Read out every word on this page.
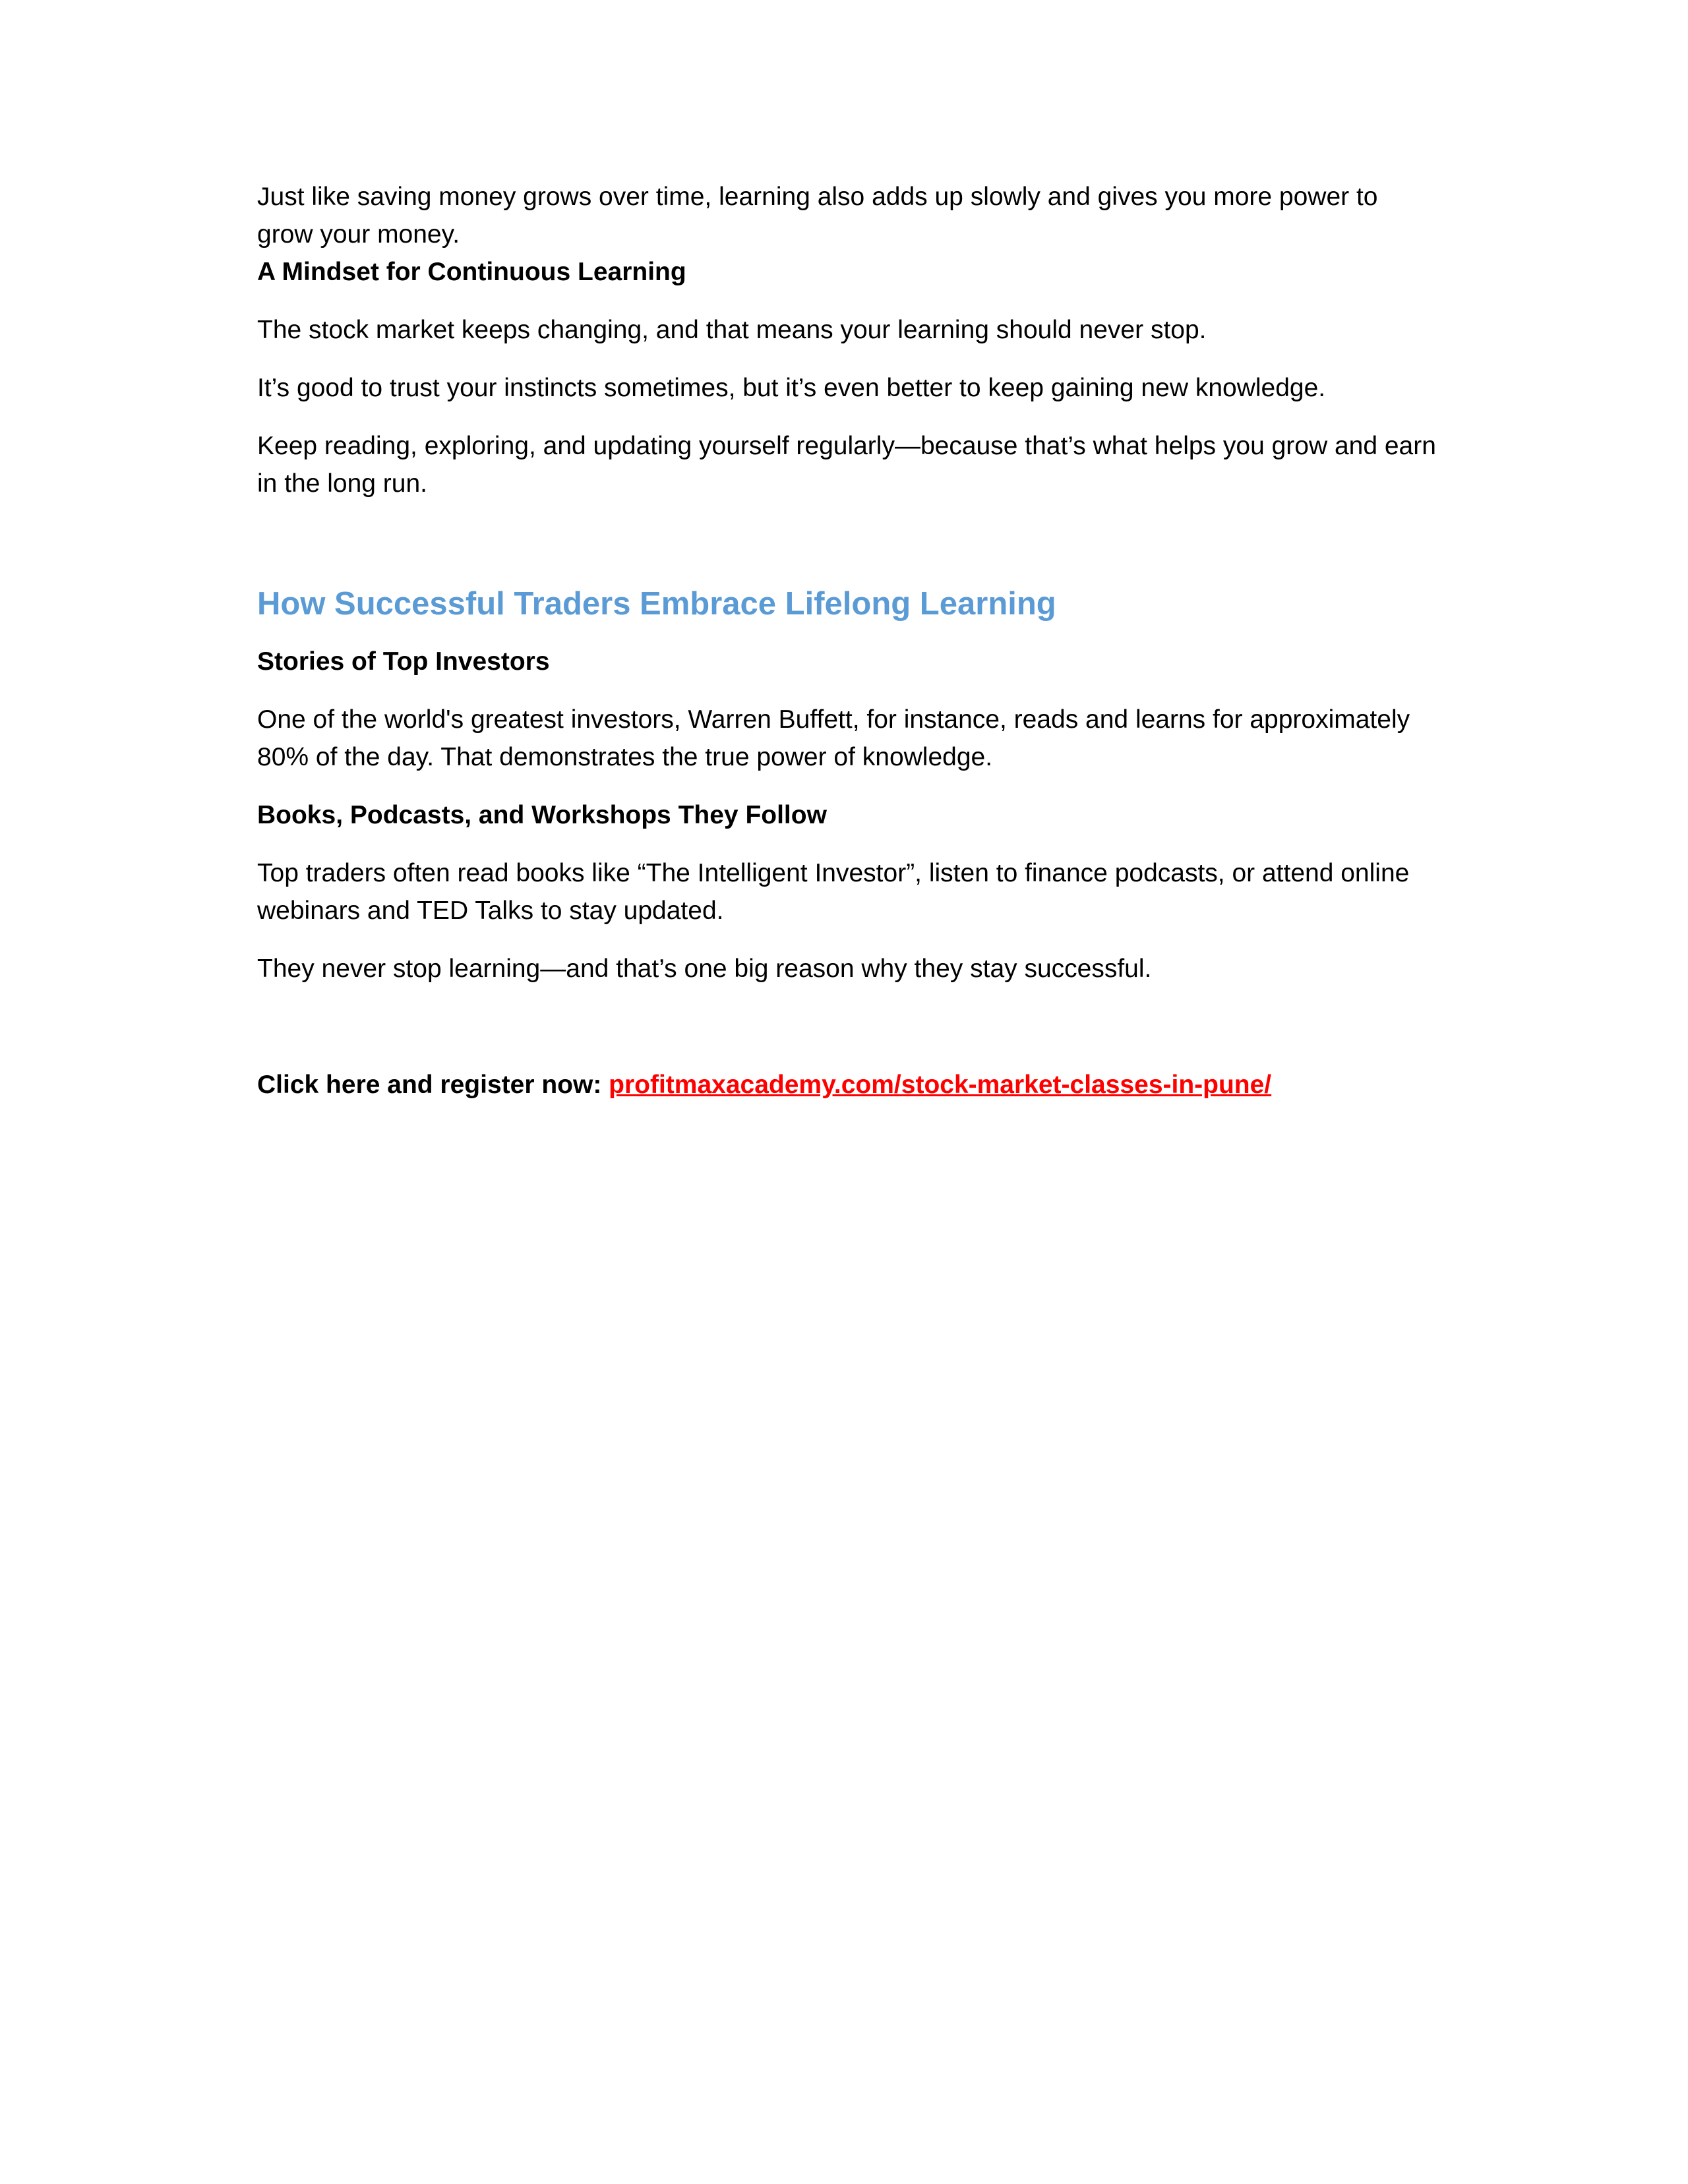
Just like saving money grows over time, learning also adds up slowly and gives you more power to grow your money.

A Mindset for Continuous Learning

The stock market keeps changing, and that means your learning should never stop.

It’s good to trust your instincts sometimes, but it’s even better to keep gaining new knowledge.

Keep reading, exploring, and updating yourself regularly—because that’s what helps you grow and earn in the long run.

How Successful Traders Embrace Lifelong Learning

Stories of Top Investors

One of the world's greatest investors, Warren Buffett, for instance, reads and learns for approximately 80% of the day. That demonstrates the true power of knowledge.

Books, Podcasts, and Workshops They Follow

Top traders often read books like “The Intelligent Investor”, listen to finance podcasts, or attend online webinars and TED Talks to stay updated.

They never stop learning—and that’s one big reason why they stay successful.

Click here and register now: profitmaxacademy.com/stock-market-classes-in-pune/
